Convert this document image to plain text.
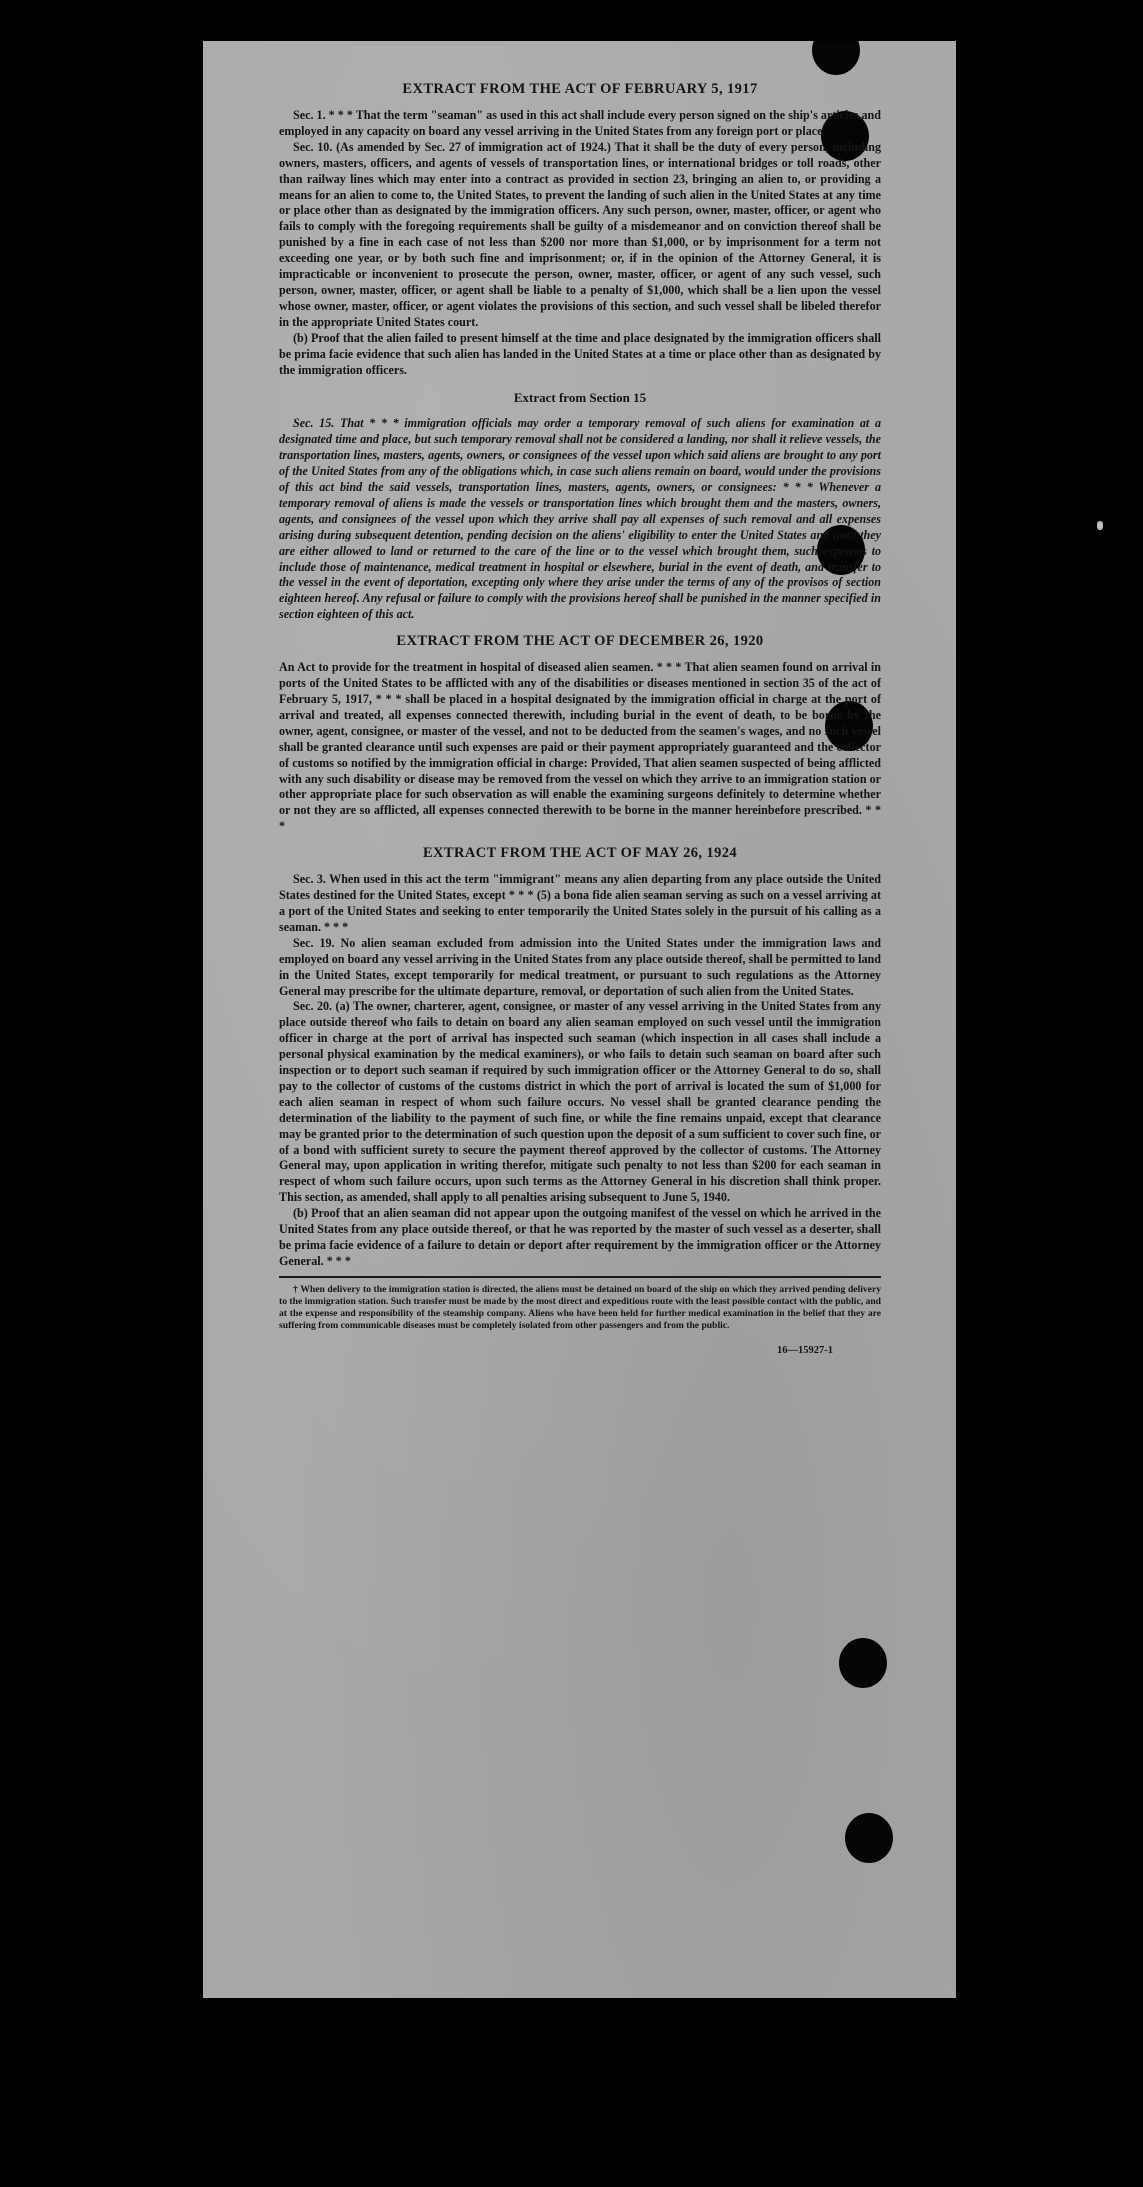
EXTRACT FROM THE ACT OF FEBRUARY 5, 1917

Sec. 1. * * * That the term "seaman" as used in this act shall include every person signed on the ship's articles and employed in any capacity on board any vessel arriving in the United States from any foreign port or place.

Sec. 10. (As amended by Sec. 27 of immigration act of 1924.) That it shall be the duty of every person, including owners, masters, officers, and agents of vessels of transportation lines, or international bridges or toll roads, other than railway lines which may enter into a contract as provided in section 23, bringing an alien to, or providing a means for an alien to come to, the United States, to prevent the landing of such alien in the United States at any time or place other than as designated by the immigration officers. Any such person, owner, master, officer, or agent who fails to comply with the foregoing requirements shall be guilty of a misdemeanor and on conviction thereof shall be punished by a fine in each case of not less than $200 nor more than $1,000, or by imprisonment for a term not exceeding one year, or by both such fine and imprisonment; or, if in the opinion of the Attorney General, it is impracticable or inconvenient to prosecute the person, owner, master, officer, or agent of any such vessel, such person, owner, master, officer, or agent shall be liable to a penalty of $1,000, which shall be a lien upon the vessel whose owner, master, officer, or agent violates the provisions of this section, and such vessel shall be libeled therefor in the appropriate United States court.

(b) Proof that the alien failed to present himself at the time and place designated by the immigration officers shall be prima facie evidence that such alien has landed in the United States at a time or place other than as designated by the immigration officers.

Extract from Section 15

Sec. 15. That * * * immigration officials may order a temporary removal of such aliens for examination at a designated time and place, but such temporary removal shall not be considered a landing, nor shall it relieve vessels, the transportation lines, masters, agents, owners, or consignees of the vessel upon which said aliens are brought to any port of the United States from any of the obligations which, in case such aliens remain on board, would under the provisions of this act bind the said vessels, transportation lines, masters, agents, owners, or consignees: * * * Whenever a temporary removal of aliens is made the vessels or transportation lines which brought them and the masters, owners, agents, and consignees of the vessel upon which they arrive shall pay all expenses of such removal and all expenses arising during subsequent detention, pending decision on the aliens' eligibility to enter the United States and until they are either allowed to land or returned to the care of the line or to the vessel which brought them, such expenses to include those of maintenance, medical treatment in hospital or elsewhere, burial in the event of death, and transfer to the vessel in the event of deportation, excepting only where they arise under the terms of any of the provisos of section eighteen hereof. Any refusal or failure to comply with the provisions hereof shall be punished in the manner specified in section eighteen of this act.

EXTRACT FROM THE ACT OF DECEMBER 26, 1920

An Act to provide for the treatment in hospital of diseased alien seamen. * * * That alien seamen found on arrival in ports of the United States to be afflicted with any of the disabilities or diseases mentioned in section 35 of the act of February 5, 1917, * * * shall be placed in a hospital designated by the immigration official in charge at the port of arrival and treated, all expenses connected therewith, including burial in the event of death, to be borne by the owner, agent, consignee, or master of the vessel, and not to be deducted from the seamen's wages, and no such vessel shall be granted clearance until such expenses are paid or their payment appropriately guaranteed and the collector of customs so notified by the immigration official in charge: Provided, That alien seamen suspected of being afflicted with any such disability or disease may be removed from the vessel on which they arrive to an immigration station or other appropriate place for such observation as will enable the examining surgeons definitely to determine whether or not they are so afflicted, all expenses connected therewith to be borne in the manner hereinbefore prescribed. * * *

EXTRACT FROM THE ACT OF MAY 26, 1924

Sec. 3. When used in this act the term "immigrant" means any alien departing from any place outside the United States destined for the United States, except * * * (5) a bona fide alien seaman serving as such on a vessel arriving at a port of the United States and seeking to enter temporarily the United States solely in the pursuit of his calling as a seaman. * * *

Sec. 19. No alien seaman excluded from admission into the United States under the immigration laws and employed on board any vessel arriving in the United States from any place outside thereof, shall be permitted to land in the United States, except temporarily for medical treatment, or pursuant to such regulations as the Attorney General may prescribe for the ultimate departure, removal, or deportation of such alien from the United States.

Sec. 20. (a) The owner, charterer, agent, consignee, or master of any vessel arriving in the United States from any place outside thereof who fails to detain on board any alien seaman employed on such vessel until the immigration officer in charge at the port of arrival has inspected such seaman (which inspection in all cases shall include a personal physical examination by the medical examiners), or who fails to detain such seaman on board after such inspection or to deport such seaman if required by such immigration officer or the Attorney General to do so, shall pay to the collector of customs of the customs district in which the port of arrival is located the sum of $1,000 for each alien seaman in respect of whom such failure occurs. No vessel shall be granted clearance pending the determination of the liability to the payment of such fine, or while the fine remains unpaid, except that clearance may be granted prior to the determination of such question upon the deposit of a sum sufficient to cover such fine, or of a bond with sufficient surety to secure the payment thereof approved by the collector of customs. The Attorney General may, upon application in writing therefor, mitigate such penalty to not less than $200 for each seaman in respect of whom such failure occurs, upon such terms as the Attorney General in his discretion shall think proper. This section, as amended, shall apply to all penalties arising subsequent to June 5, 1940.

(b) Proof that an alien seaman did not appear upon the outgoing manifest of the vessel on which he arrived in the United States from any place outside thereof, or that he was reported by the master of such vessel as a deserter, shall be prima facie evidence of a failure to detain or deport after requirement by the immigration officer or the Attorney General. * * *

† When delivery to the immigration station is directed, the aliens must be detained on board of the ship on which they arrived pending delivery to the immigration station. Such transfer must be made by the most direct and expeditious route with the least possible contact with the public, and at the expense and responsibility of the steamship company. Aliens who have been held for further medical examination in the belief that they are suffering from communicable diseases must be completely isolated from other passengers and from the public.

16—15927-1
